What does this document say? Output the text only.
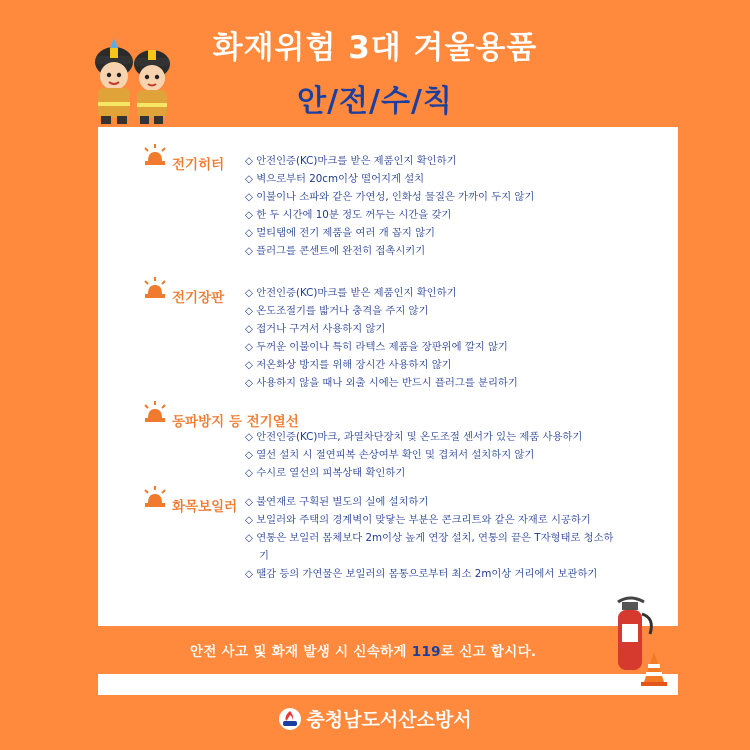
화재위험 3대 겨울용품
안/전/수/칙
전기히터 ◇ 안전인증(KC)마크를 받은 제품인지 확인하기
◇ 벽으로부터 20cm이상 떨어지게 설치
◇ 이불이나 소파와 같은 가연성, 인화성 물질은 가까이 두지 않기
◇ 한 두 시간에 10분 정도 꺼두는 시간을 갖기
◇ 멀티탭에 전기 제품을 여러 개 꼽지 않기
◇ 플러그를 콘센트에 완전히 접촉시키기
전기장판 ◇ 안전인증(KC)마크를 받은 제품인지 확인하기
◇ 온도조절기를 밟거나 충격을 주지 않기
◇ 접거나 구겨서 사용하지 않기
◇ 두꺼운 이불이나 특히 라텍스 제품을 장판위에 깔지 않기
◇ 저온화상 방지를 위해 장시간 사용하지 않기
◇ 사용하지 않을 때나 외출 시에는 반드시 플러그를 분리하기
동파방지 등 전기열선
◇ 안전인증(KC)마크, 과열차단장치 및 온도조절 센서가 있는 제품 사용하기
◇ 열선 설치 시 절연피복 손상여부 확인 및 겹쳐서 설치하지 않기
◇ 수시로 열선의 피복상태 확인하기
화목보일러 ◇ 불연재로 구획된 별도의 실에 설치하기
◇ 보일러와 주택의 경계벽이 맞닿는 부분은 콘크리트와 같은 자재로 시공하기
◇ 연통은 보일러 몸체보다 2m이상 높게 연장 설치, 연통의 끝은 T자형태로 청소하기
◇ 땔감 등의 가연물은 보일러의 몸통으로부터 최소 2m이상 거리에서 보관하기
안전 사고 및 화재 발생 시 신속하게 119로 신고 합시다.
충청남도서산소방서
